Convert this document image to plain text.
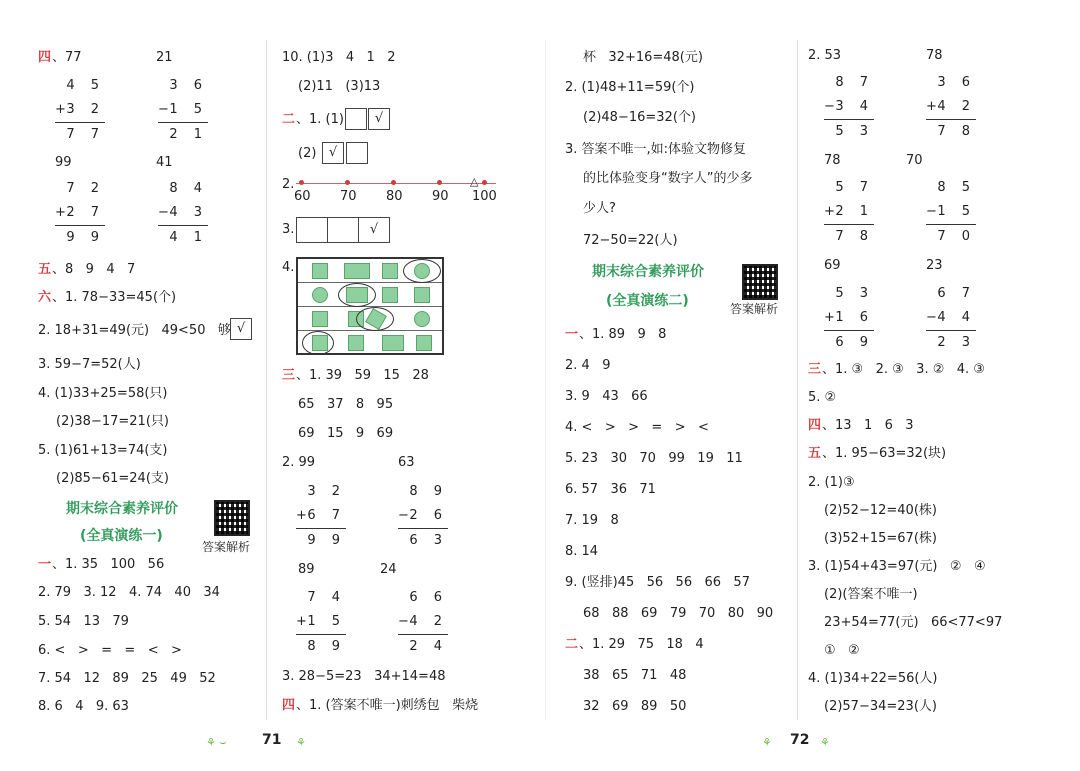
四 、77	21
4 5
+ 3 2
7 7
3 6
− 1 5
2 1
99	41
7 2
+ 2 7
9 9
8 4
− 4 3
4 1
五 、8   9   4   7
六 、1. 78−33=45(个)
2. 18+31=49(元)   49<50   够 √
3. 59−7=52(人)
4. (1)33+25=58(只)
(2)38−17=21(只)
5. (1)61+13=74(支)
(2)85−61=24(支)
期末综合素养评价
(全真演练一)
答案解析
一 、1. 35   100   56
2. 79   3. 12   4. 74   40   34
5. 54   13   79
6. <   >   =   =   <   >
7. 54   12   89   25   49   52
8. 6   4   9. 63
10. (1)3   4   1   2
(2)11   (3)13
二 、1. (1)	√
(2) √
2.	△
60 70 80 90 100
3.	√
4.
三 、1. 39   59   15   28
65   37   8   95
69   15   9   69
2. 99	63
3 2
+ 6 7
9 9
8 9
− 2 6
6 3
89	24
7 4
+ 1 5
8 9
6 6
− 4 2
2 4
3. 28−5=23   34+14=48
四 、1. (答案不唯一)刺绣包   柴烧
杯   32+16=48(元)
2. (1)48+11=59(个)
(2)48−16=32(个)
3. 答案不唯一,如:体验文物修复
的比体验变身“数字人”的少多
少人?
72−50=22(人)
期末综合素养评价
(全真演练二)	答案解析
一 、1. 89   9   8
2. 4   9
3. 9   43   66
4. <   >   >   =   >   <
5. 23   30   70   99   19   11
6. 57   36   71
7. 19   8
8. 14
9. (竖排)45   56   56   66   57
68   88   69   79   70   80   90
二 、1. 29   75   18   4
38   65   71   48
32   69   89   50
2. 53	78
8 7
− 3 4
5 3
3 6
+ 4 2
7 8
78	70
5 7
+ 2 1
7 8
8 5
− 1 5
7 0
69	23
5 3
+ 1 6
6 9
6 7
− 4 4
2 3
三 、1. ③   2. ③   3. ②   4. ③
5. ②
四 、13   1   6   3
五 、1. 95−63=32(块)
2. (1)③
(2)52−12=40(株)
(3)52+15=67(株)
3. (1)54+43=97(元)   ②   ④
(2)(答案不唯一)
23+54=77(元)   66<77<97
①   ②
4. (1)34+22=56(人)
(2)57−34=23(人)
⚘ ⌣	71 ⚘	⚘ 72 ⚘
